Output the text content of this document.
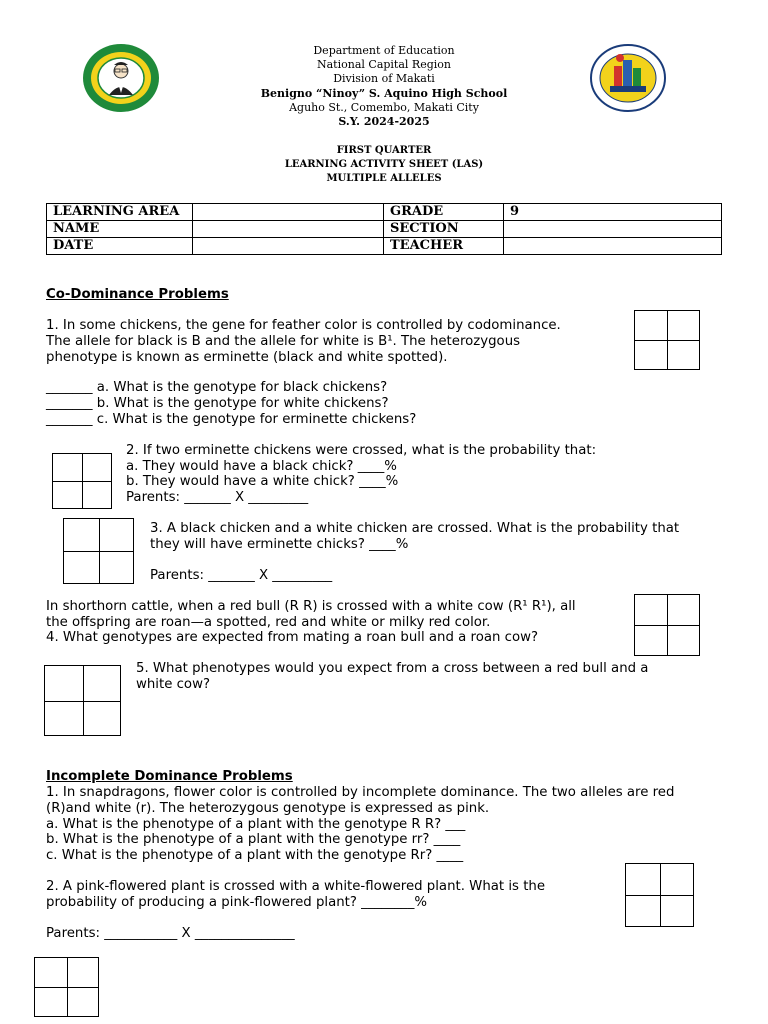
Department of Education
National Capital Region
Division of Makati
Benigno “Ninoy” S. Aquino High School
Aguho St., Comembo, Makati City
S.Y. 2024-2025
FIRST QUARTER
LEARNING ACTIVITY SHEET (LAS)
MULTIPLE ALLELES
LEARNING AREA		GRADE	9
NAME		SECTION	
DATE		TEACHER	
Co-Dominance Problems
1. In some chickens, the gene for feather color is controlled by codominance.
The allele for black is B and the allele for white is B¹. The heterozygous
phenotype is known as erminette (black and white spotted).
_______ a. What is the genotype for black chickens?
_______ b. What is the genotype for white chickens?
_______ c. What is the genotype for erminette chickens?
2. If two erminette chickens were crossed, what is the probability that:
a. They would have a black chick? ____%
b. They would have a white chick? ____%
Parents: _______ X _________
3. A black chicken and a white chicken are crossed. What is the probability that
they will have erminette chicks? ____%
Parents: _______ X _________
In shorthorn cattle, when a red bull (R R) is crossed with a white cow (R¹ R¹), all
the offspring are roan—a spotted, red and white or milky red color.
4. What genotypes are expected from mating a roan bull and a roan cow?
5. What phenotypes would you expect from a cross between a red bull and a
white cow?
Incomplete Dominance Problems
1. In snapdragons, flower color is controlled by incomplete dominance. The two alleles are red
(R)and white (r). The heterozygous genotype is expressed as pink.
a. What is the phenotype of a plant with the genotype R R? ___
b. What is the phenotype of a plant with the genotype rr? ____
c. What is the phenotype of a plant with the genotype Rr? ____
2. A pink-flowered plant is crossed with a white-flowered plant. What is the
probability of producing a pink-flowered plant? ________%
Parents: ___________ X _______________
